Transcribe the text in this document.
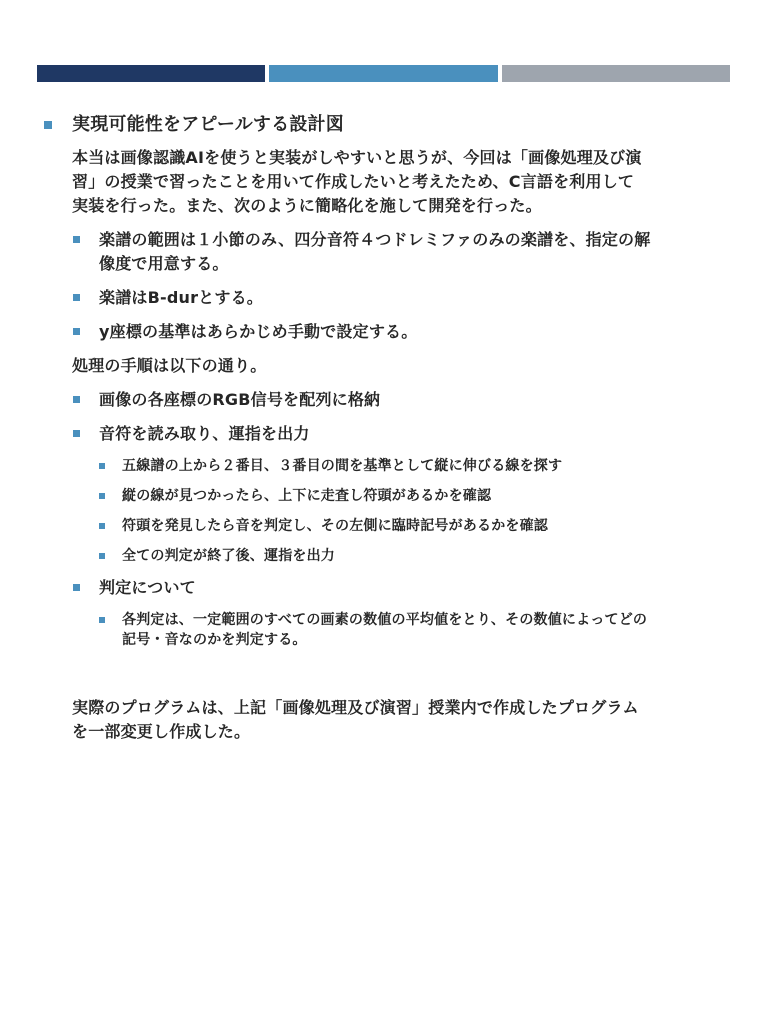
実現可能性をアピールする設計図
本当は画像認識AIを使うと実装がしやすいと思うが、今回は「画像処理及び演
習」の授業で習ったことを用いて作成したいと考えたため、C言語を利用して
実装を行った。また、次のように簡略化を施して開発を行った。
楽譜の範囲は１小節のみ、四分音符４つドレミファのみの楽譜を、指定の解
像度で用意する。
楽譜はB-durとする。
y座標の基準はあらかじめ手動で設定する。
処理の手順は以下の通り。
画像の各座標のRGB信号を配列に格納
音符を読み取り、運指を出力
五線譜の上から２番目、３番目の間を基準として縦に伸びる線を探す
縦の線が見つかったら、上下に走査し符頭があるかを確認
符頭を発見したら音を判定し、その左側に臨時記号があるかを確認
全ての判定が終了後、運指を出力
判定について
各判定は、一定範囲のすべての画素の数値の平均値をとり、その数値によってどの
記号・音なのかを判定する。
実際のプログラムは、上記「画像処理及び演習」授業内で作成したプログラム
を一部変更し作成した。
